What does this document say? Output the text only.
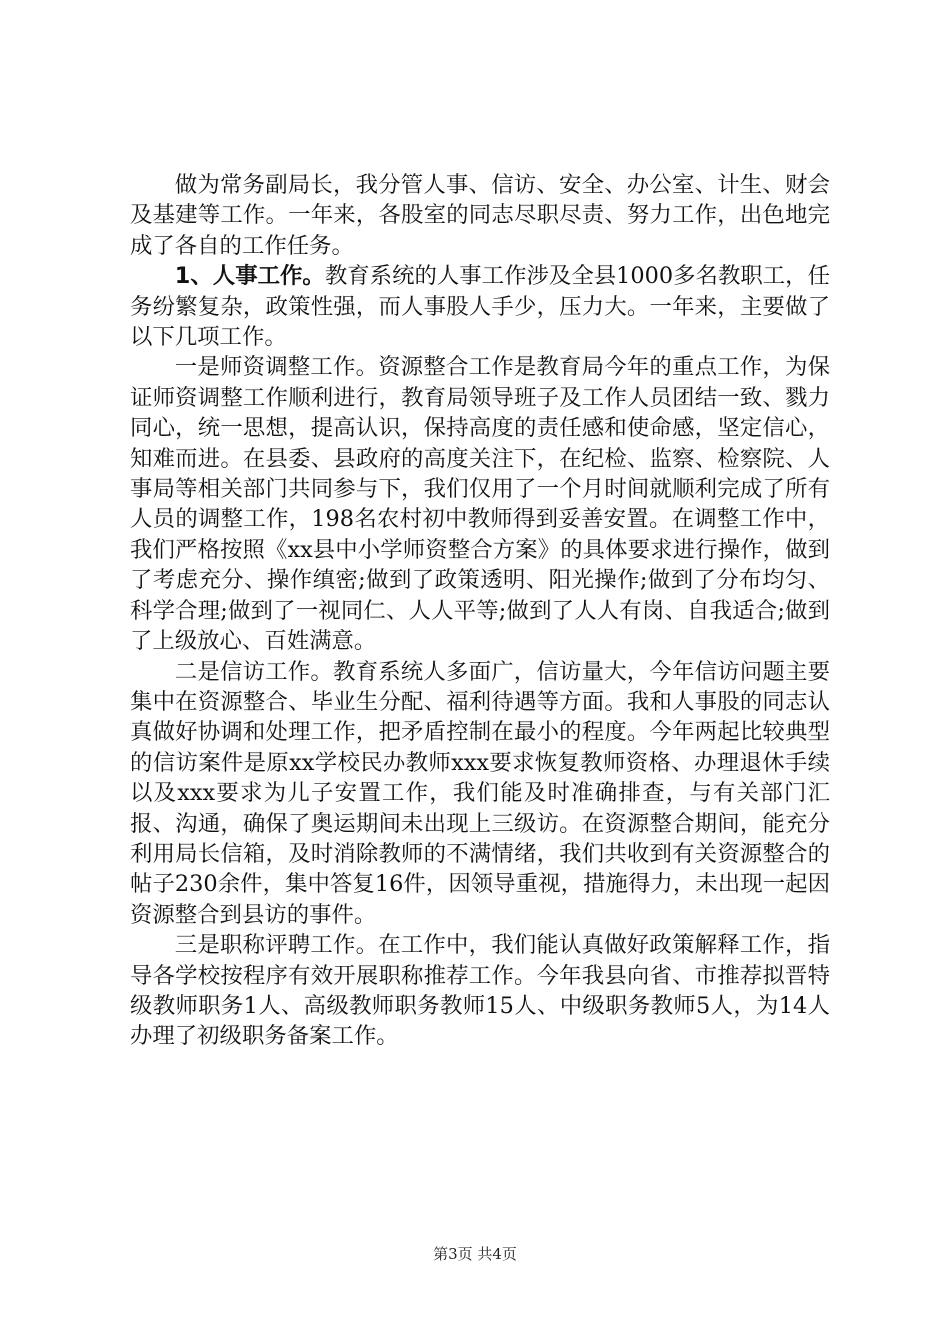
做为常务副局长，我分管人事、信访、安全、办公室、计生、财会及基建等工作。一年来，各股室的同志尽职尽责、努力工作，出色地完成了各自的工作任务。

1、人事工作。教育系统的人事工作涉及全县1000多名教职工，任务纷繁复杂，政策性强，而人事股人手少，压力大。一年来，主要做了以下几项工作。

一是师资调整工作。资源整合工作是教育局今年的重点工作，为保证师资调整工作顺利进行，教育局领导班子及工作人员团结一致、戮力同心，统一思想，提高认识，保持高度的责任感和使命感，坚定信心，知难而进。在县委、县政府的高度关注下，在纪检、监察、检察院、人事局等相关部门共同参与下，我们仅用了一个月时间就顺利完成了所有人员的调整工作，198名农村初中教师得到妥善安置。在调整工作中，我们严格按照《xx县中小学师资整合方案》的具体要求进行操作，做到了考虑充分、操作缜密;做到了政策透明、阳光操作;做到了分布均匀、科学合理;做到了一视同仁、人人平等;做到了人人有岗、自我适合;做到了上级放心、百姓满意。

二是信访工作。教育系统人多面广，信访量大，今年信访问题主要集中在资源整合、毕业生分配、福利待遇等方面。我和人事股的同志认真做好协调和处理工作，把矛盾控制在最小的程度。今年两起比较典型的信访案件是原xx学校民办教师xxx要求恢复教师资格、办理退休手续以及xxx要求为儿子安置工作，我们能及时准确排查，与有关部门汇报、沟通，确保了奥运期间未出现上三级访。在资源整合期间，能充分利用局长信箱，及时消除教师的不满情绪，我们共收到有关资源整合的帖子230余件，集中答复16件，因领导重视，措施得力，未出现一起因资源整合到县访的事件。

三是职称评聘工作。在工作中，我们能认真做好政策解释工作，指导各学校按程序有效开展职称推荐工作。今年我县向省、市推荐拟晋特级教师职务1人、高级教师职务教师15人、中级职务教师5人，为14人办理了初级职务备案工作。

第3页 共4页
